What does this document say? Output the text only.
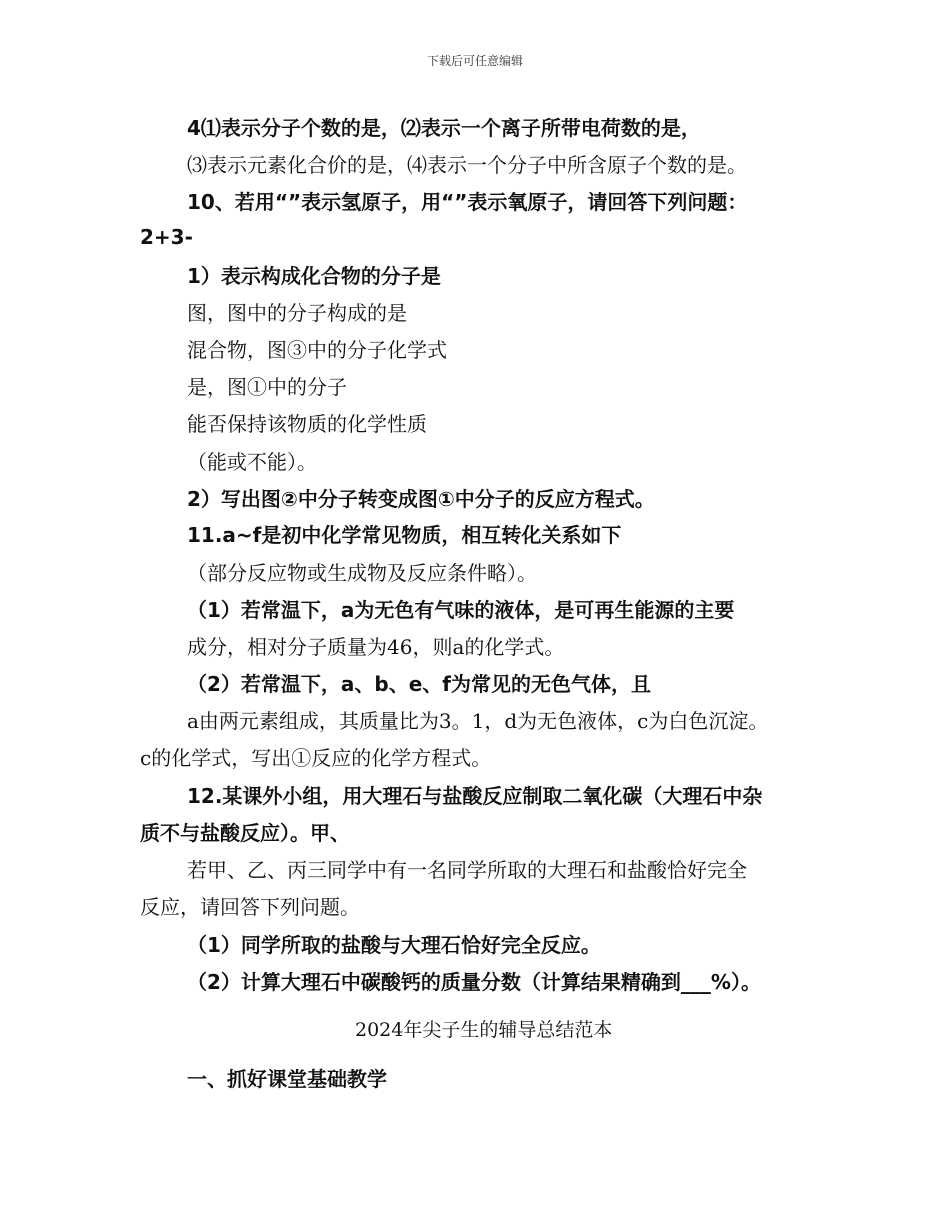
下载后可任意编辑
4⑴表示分子个数的是，⑵表示一个离子所带电荷数的是，
⑶表示元素化合价的是，⑷表示一个分子中所含原子个数的是。
10、若用“”表示氢原子，用“”表示氧原子，请回答下列问题：
2+3-
1）表示构成化合物的分子是
图，图中的分子构成的是
混合物，图③中的分子化学式
是，图①中的分子
能否保持该物质的化学性质
（能或不能）。
2）写出图②中分子转变成图①中分子的反应方程式。
11.a~f是初中化学常见物质，相互转化关系如下
（部分反应物或生成物及反应条件略）。
（1）若常温下，a为无色有气味的液体，是可再生能源的主要
成分，相对分子质量为46，则a的化学式。
（2）若常温下，a、b、e、f为常见的无色气体，且
a由两元素组成，其质量比为3。1，d为无色液体，c为白色沉淀。
c的化学式，写出①反应的化学方程式。
12.某课外小组，用大理石与盐酸反应制取二氧化碳（大理石中杂
质不与盐酸反应）。甲、
若甲、乙、丙三同学中有一名同学所取的大理石和盐酸恰好完全
反应，请回答下列问题。
（1）同学所取的盐酸与大理石恰好完全反应。
（2）计算大理石中碳酸钙的质量分数（计算结果精确到___%）。
2024年尖子生的辅导总结范本
一、抓好课堂基础教学
